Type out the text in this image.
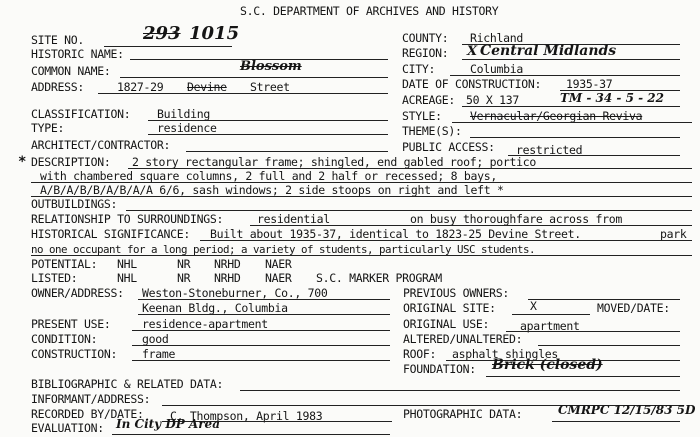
S.C. DEPARTMENT OF ARCHIVES AND HISTORY
SITE NO.	293 1015
HISTORIC NAME:
COMMON NAME:	Blossom
ADDRESS:	1827-29 Devine Street
CLASSIFICATION: Building
TYPE:	residence
ARCHITECT/CONTRACTOR:
COUNTY: Richland
REGION: X Central Midlands
CITY:	Columbia
DATE OF CONSTRUCTION: 1935-37
ACREAGE: 50 X 137	TM - 34 - 5 - 22
STYLE: Vernacular/Georgian Reviva
THEME(S):
PUBLIC ACCESS: restricted
* DESCRIPTION: 2 story rectangular frame; shingled, end gabled roof; portico
with chambered square columns, 2 full and 2 half or recessed; 8 bays,
A/B/A/B/B/A/B/A/A 6/6, sash windows; 2 side stoops on right and left *
OUTBUILDINGS:
RELATIONSHIP TO SURROUNDINGS:	residential	on busy thoroughfare across from
HISTORICAL SIGNIFICANCE: Built about 1935-37, identical to 1823-25 Devine Street.	park
no one occupant for a long period; a variety of students, particularly USC students.
POTENTIAL: NHL	NR NRHD NAER
LISTED:	NHL	NR NRHD NAER S.C. MARKER PROGRAM
OWNER/ADDRESS: Weston-Stoneburner, Co., 700
Keenan Bldg., Columbia
PREVIOUS OWNERS:
ORIGINAL SITE:	X	MOVED/DATE:
ORIGINAL USE:	apartment
PRESENT USE:	residence-apartment
CONDITION:	good	ALTERED/UNALTERED:
CONSTRUCTION: frame	ROOF: asphalt shingles
FOUNDATION: Brick (closed)
BIBLIOGRAPHIC & RELATED DATA:
INFORMANT/ADDRESS:
RECORDED BY/DATE: C. Thompson, April 1983	PHOTOGRAPHIC DATA:	CMRPC 12/15/83 5D
EVALUATION: In City DP Area
